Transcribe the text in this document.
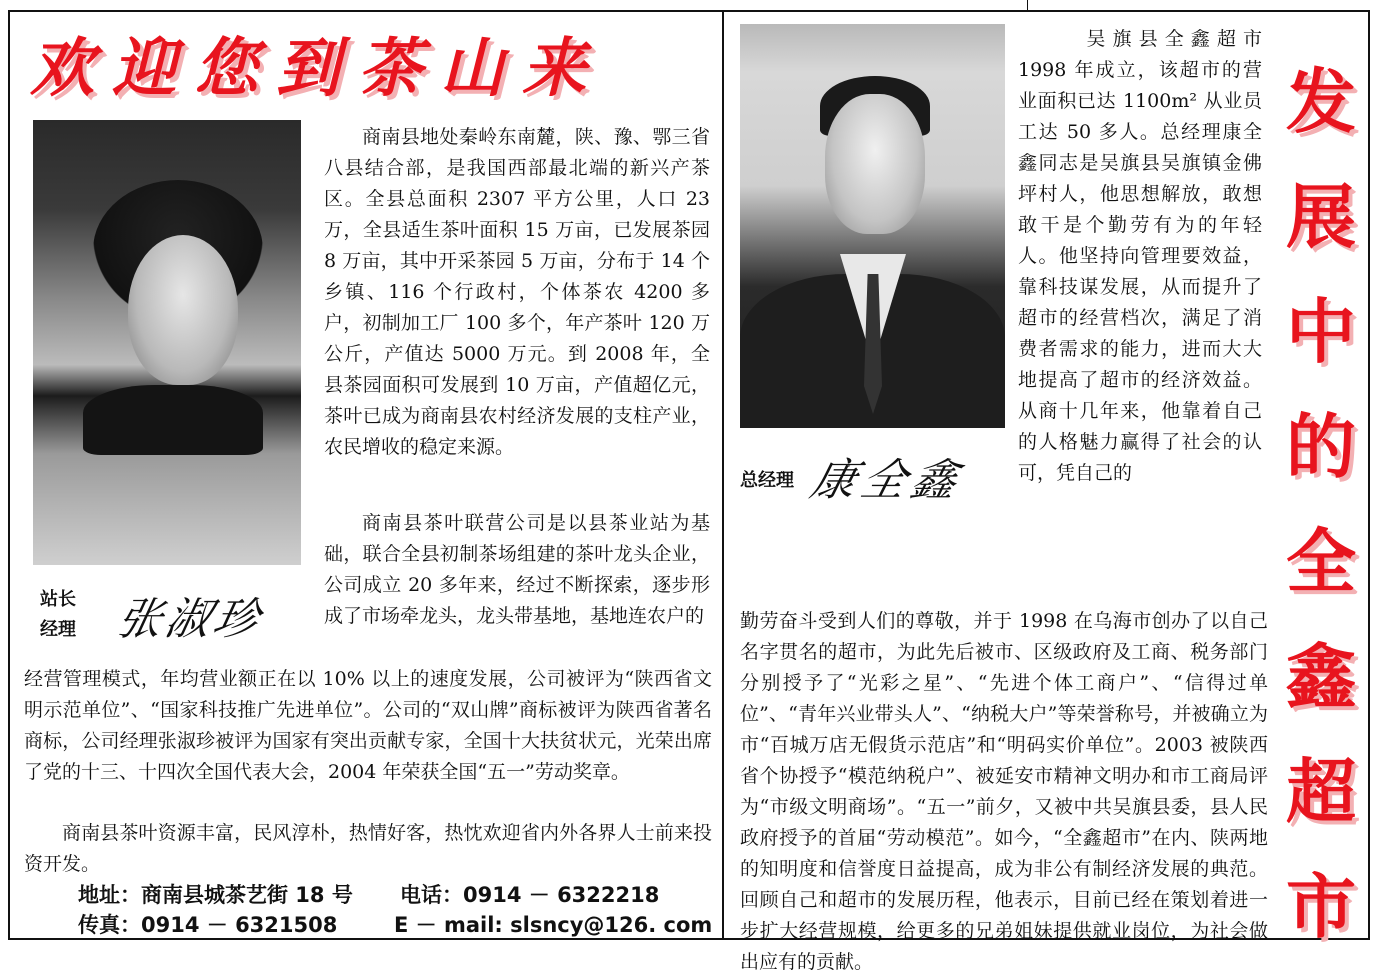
欢迎您到茶山来

商南县地处秦岭东南麓，陕、豫、鄂三省八县结合部，是我国西部最北端的新兴产茶区。全县总面积 2307 平方公里，人口 23 万，全县适生茶叶面积 15 万亩，已发展茶园 8 万亩，其中开采茶园 5 万亩，分布于 14 个乡镇、116 个行政村，个体茶农 4200 多户，初制加工厂 100 多个，年产茶叶 120 万公斤，产值达 5000 万元。到 2008 年，全县茶园面积可发展到 10 万亩，产值超亿元，茶叶已成为商南县农村经济发展的支柱产业，农民增收的稳定来源。

商南县茶叶联营公司是以县茶业站为基础，联合全县初制茶场组建的茶叶龙头企业，公司成立 20 多年来，经过不断探索，逐步形成了市场牵龙头，龙头带基地，基地连农户的

经营管理模式，年均营业额正在以 10% 以上的速度发展，公司被评为“陕西省文明示范单位”、“国家科技推广先进单位”。公司的“双山牌”商标被评为陕西省著名商标，公司经理张淑珍被评为国家有突出贡献专家，全国十大扶贫状元，光荣出席了党的十三、十四次全国代表大会，2004 年荣获全国“五一”劳动奖章。

商南县茶叶资源丰富，民风淳朴，热情好客，热忱欢迎省内外各界人士前来投资开发。

站长
经理 张淑珍
地址：商南县城茶艺街 18 号 电话：0914 － 6322218
传真：0914 － 6321508	E － mail: slsncy@126. com
总经理 康全鑫

吴旗县全鑫超市 1998 年成立，该超市的营业面积已达 1100m² 从业员工达 50 多人。总经理康全鑫同志是吴旗县吴旗镇金佛坪村人，他思想解放，敢想敢干是个勤劳有为的年轻人。他坚持向管理要效益，靠科技谋发展，从而提升了超市的经营档次，满足了消费者需求的能力，进而大大地提高了超市的经济效益。从商十几年来，他靠着自己的人格魅力赢得了社会的认可，凭自己的

勤劳奋斗受到人们的尊敬，并于 1998 在乌海市创办了以自己名字贯名的超市，为此先后被市、区级政府及工商、税务部门分别授予了“光彩之星”、“先进个体工商户”、“信得过单位”、“青年兴业带头人”、“纳税大户”等荣誉称号，并被确立为市“百城万店无假货示范店”和“明码实价单位”。2003 被陕西省个协授予“模范纳税户”、被延安市精神文明办和市工商局评为“市级文明商场”。“五一”前夕，又被中共吴旗县委，县人民政府授予的首届“劳动模范”。如今，“全鑫超市”在内、陕两地的知明度和信誉度日益提高，成为非公有制经济发展的典范。回顾自己和超市的发展历程，他表示，目前已经在策划着进一步扩大经营规模，给更多的兄弟姐妹提供就业岗位，为社会做出应有的贡献。

发
展
中
的
全
鑫
超
市
